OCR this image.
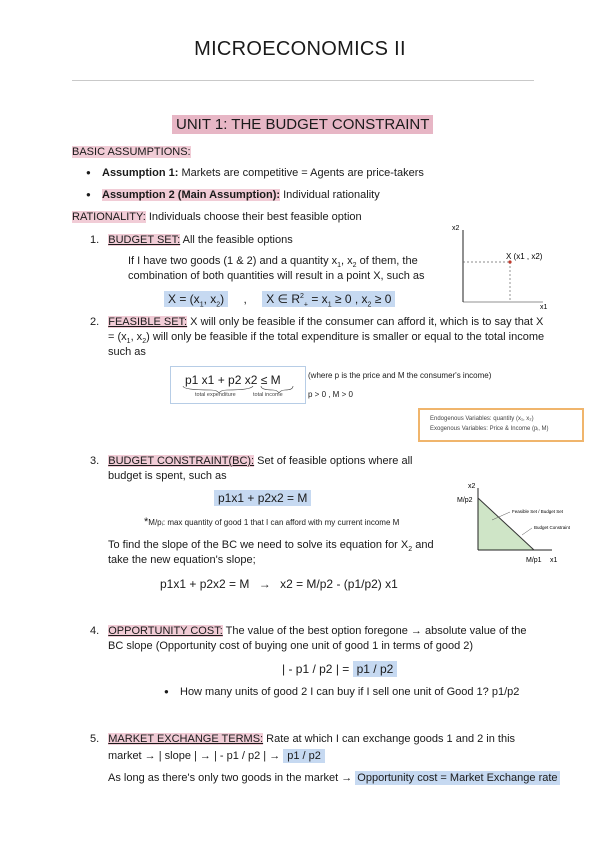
MICROECONOMICS II
UNIT 1: THE BUDGET CONSTRAINT
BASIC ASSUMPTIONS:
● Assumption 1: Markets are competitive = Agents are price-takers
● Assumption 2 (Main Assumption): Individual rationality
RATIONALITY: Individuals choose their best feasible option
1. BUDGET SET: All the feasible options
If I have two goods (1 & 2) and a quantity $x_1$, $x_2$ of them, the
combination of both quantities will result in a point X, such as
$X = (x_1$, $x_2$) , X ∈ $R^2_+ = x_1 \ge 0$ , $x_2 \ge 0$
x2
x1
X (x1 , x2)
2. FEASIBLE SET: X will only be feasible if the consumer can afford it, which is to say that X
= ($x_1$, $x_2$) will only be feasible if the total expenditure is smaller or equal to the total income
such as
p1 x1 + p2 x2 ≤ M
total expenditure	total income
(where p is the price and M the consumer's income)
p > 0 , M > 0
Endogenous Variables: quantity (x₁, x₂)
Exogenous Variables: Price & Income (pᵢ, M)
3. BUDGET CONSTRAINT(BC): Set of feasible options where all
budget is spent, such as
p1x1 + p2x2 = M
*M/pᵢ: max quantity of good 1 that I can afford with my current income M
To find the slope of the BC we need to solve its equation for $X_2$ and
take the new equation's slope;
p1x1 + p2x2 = M → x2 = M/p2 - (p1/p2) x1
x2
M/p2
M/p1 x1
Feasible Set / Budget Set
Budget Constraint
4. OPPORTUNITY COST: The value of the best option foregone → absolute value of the
BC slope (Opportunity cost of buying one unit of good 1 in terms of good 2)
| - p1 / p2 | = p1 / p2
● How many units of good 2 I can buy if I sell one unit of Good 1? p1/p2
5. MARKET EXCHANGE TERMS: Rate at which I can exchange goods 1 and 2 in this
market → | slope | → | - p1 / p2 | → p1 / p2
As long as there's only two goods in the market → Opportunity cost = Market Exchange rate
